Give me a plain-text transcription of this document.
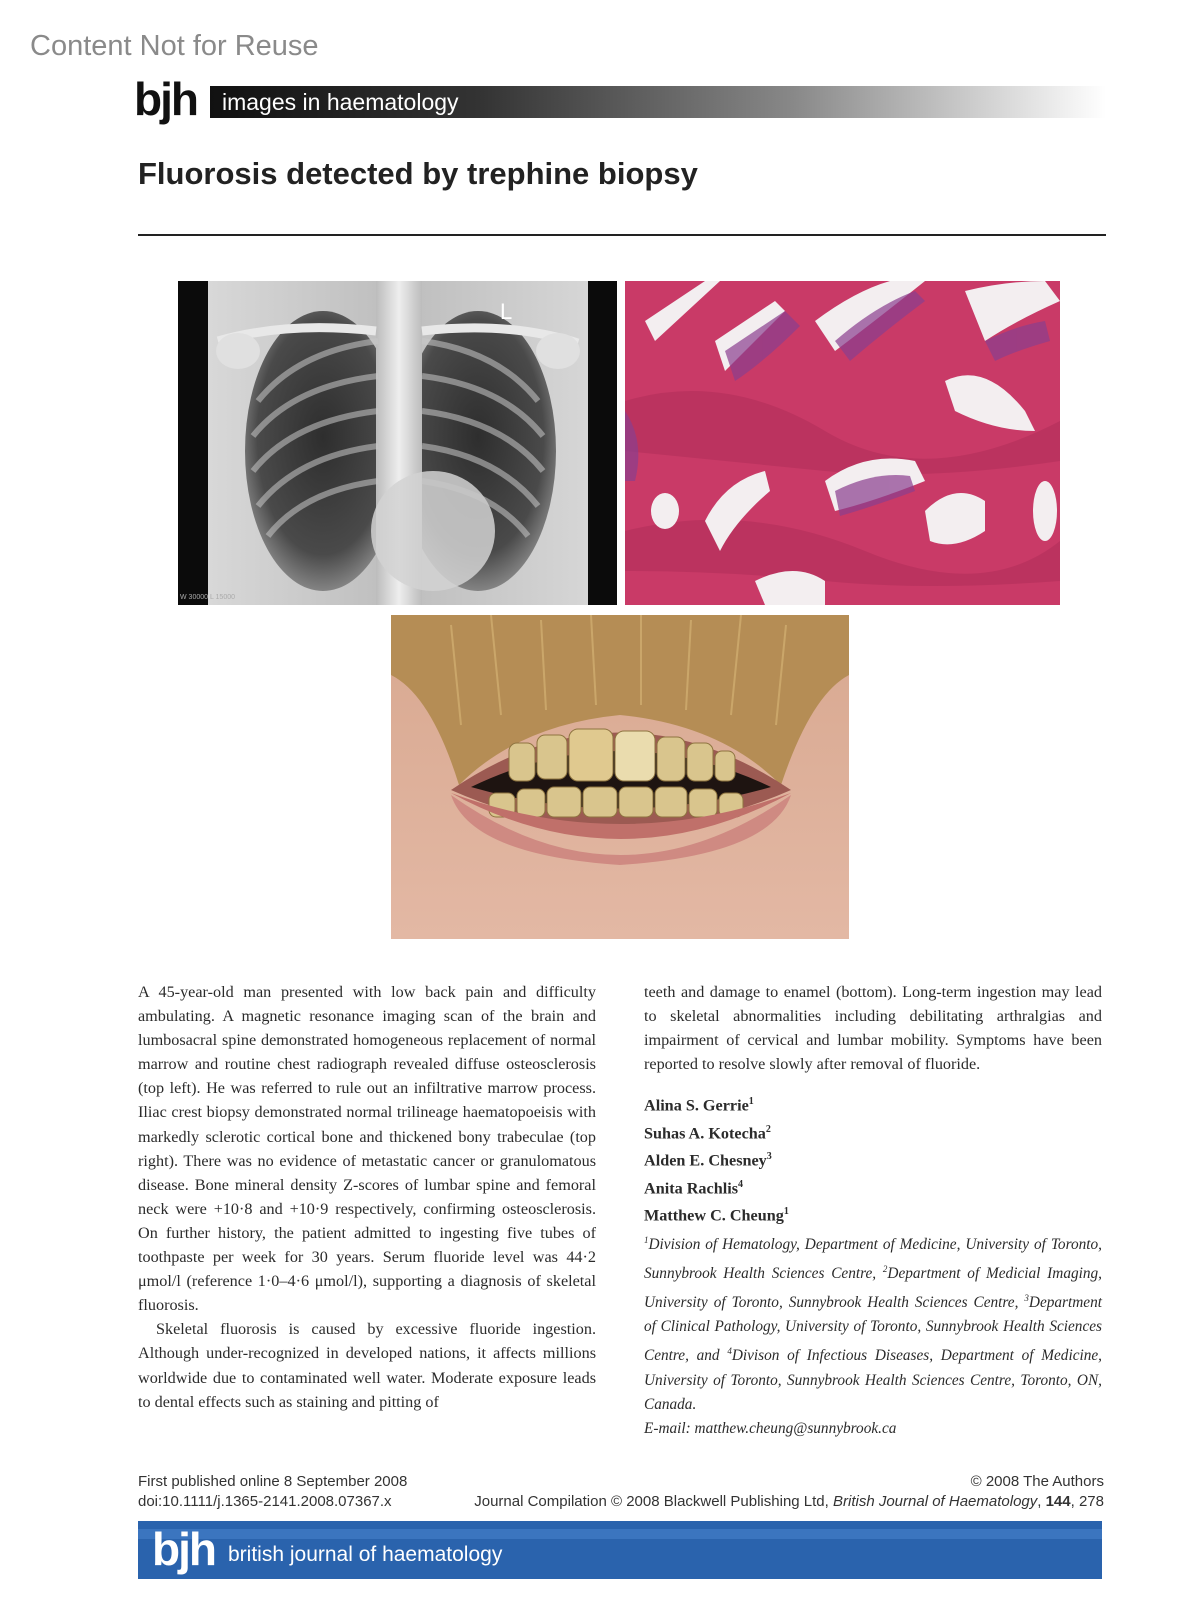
Content Not for Reuse
bjh images in haematology
Fluorosis detected by trephine biopsy
L
W 30000 L 15000

A 45-year-old man presented with low back pain and difficulty ambulating. A magnetic resonance imaging scan of the brain and lumbosacral spine demonstrated homogeneous replacement of normal marrow and routine chest radiograph revealed diffuse osteosclerosis (top left). He was referred to rule out an infiltrative marrow process. Iliac crest biopsy demonstrated normal trilineage haematopoeisis with markedly sclerotic cortical bone and thickened bony trabeculae (top right). There was no evidence of metastatic cancer or granulomatous disease. Bone mineral density Z-scores of lumbar spine and femoral neck were +10·8 and +10·9 respectively, confirming osteosclerosis. On further history, the patient admitted to ingesting five tubes of toothpaste per week for 30 years. Serum fluoride level was 44·2 μmol/l (reference 1·0–4·6 μmol/l), supporting a diagnosis of skeletal fluorosis.

Skeletal fluorosis is caused by excessive fluoride ingestion. Although under-recognized in developed nations, it affects millions worldwide due to contaminated well water. Moderate exposure leads to dental effects such as staining and pitting of

teeth and damage to enamel (bottom). Long-term ingestion may lead to skeletal abnormalities including debilitating arthralgias and impairment of cervical and lumbar mobility. Symptoms have been reported to resolve slowly after removal of fluoride.

Alina S. Gerrie$^1$
Suhas A. Kotecha$^2$
Alden E. Chesney$^3$
Anita Rachlis$^4$
Matthew C. Cheung$^1$
$^1$Division of Hematology, Department of Medicine, University of Toronto, Sunnybrook Health Sciences Centre, $^2$Department of Medicial Imaging, University of Toronto, Sunnybrook Health Sciences Centre, $^3$Department of Clinical Pathology, University of Toronto, Sunnybrook Health Sciences Centre, and $^4$Divison of Infectious Diseases, Department of Medicine, University of Toronto, Sunnybrook Health Sciences Centre, Toronto, ON, Canada.
E-mail: matthew.cheung@sunnybrook.ca
First published online 8 September 2008
doi:10.1111/j.1365-2141.2008.07367.x
© 2008 The Authors
Journal Compilation © 2008 Blackwell Publishing Ltd, British Journal of Haematology, 144, 278
bjh british journal of haematology
